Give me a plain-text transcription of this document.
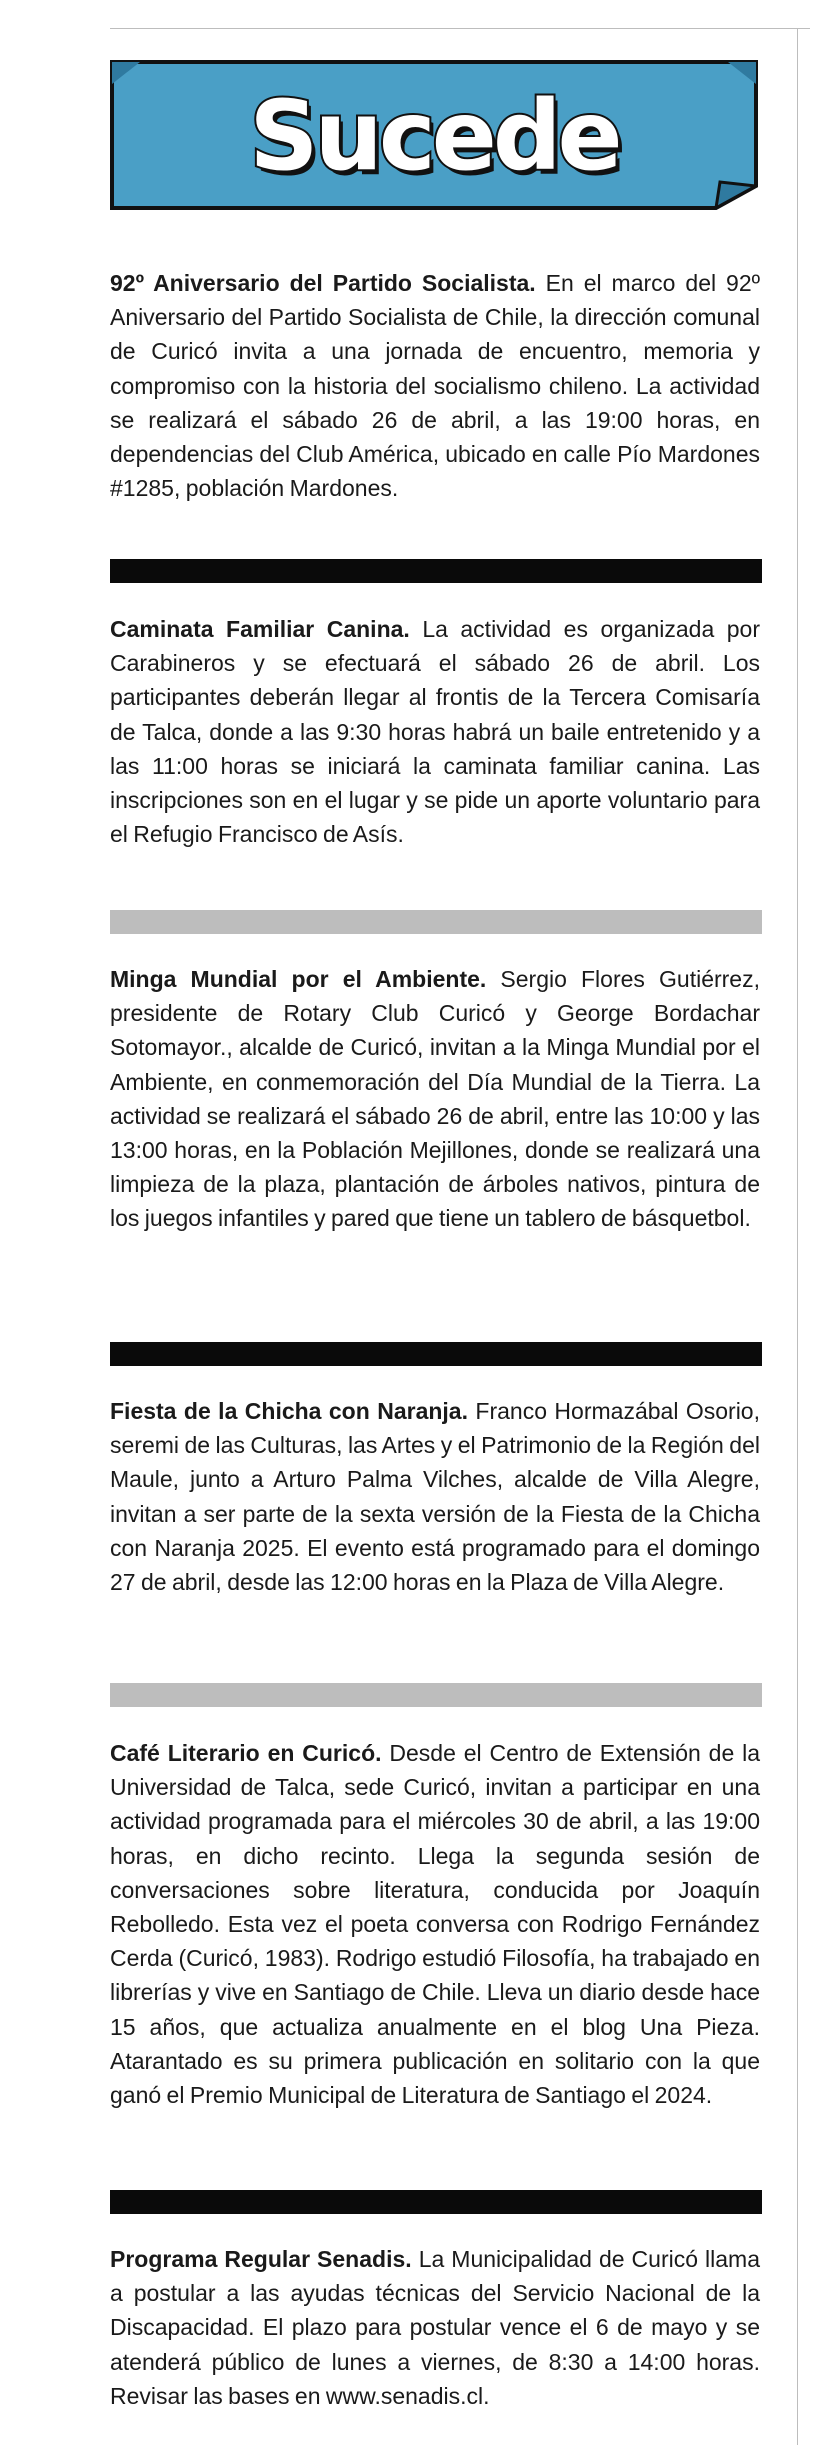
Sucede
92º Aniversario del Partido Socialista. En el marco del 92º Aniversario del Partido Socialista de Chile, la dirección comunal de Curicó invita a una jornada de encuentro, memoria y compromiso con la historia del socialismo chileno. La actividad se realizará el sábado 26 de abril, a las 19:00 horas, en dependencias del Club América, ubicado en calle Pío Mardones #1285, población Mardones.
Caminata Familiar Canina. La actividad es organizada por Carabineros y se efectuará el sábado 26 de abril. Los participantes deberán llegar al frontis de la Tercera Comisaría de Talca, donde a las 9:30 horas habrá un baile entretenido y a las 11:00 horas se iniciará la caminata familiar canina. Las inscripciones son en el lugar y se pide un aporte voluntario para el Refugio Francisco de Asís.
Minga Mundial por el Ambiente. Sergio Flores Gutiérrez, presidente de Rotary Club Curicó y George Bordachar Sotomayor., alcalde de Curicó, invitan a la Minga Mundial por el Ambiente, en conmemoración del Día Mundial de la Tierra. La actividad se realizará el sábado 26 de abril, entre las 10:00 y las 13:00 horas, en la Población Mejillones, donde se realizará una limpieza de la plaza, plantación de árboles nativos, pintura de los juegos infantiles y pared que tiene un tablero de básquetbol.
Fiesta de la Chicha con Naranja. Franco Hormazábal Osorio, seremi de las Culturas, las Artes y el Patrimonio de la Región del Maule, junto a Arturo Palma Vilches, alcalde de Villa Alegre, invitan a ser parte de la sexta versión de la Fiesta de la Chicha con Naranja 2025. El evento está programado para el domingo 27 de abril, desde las 12:00 horas en la Plaza de Villa Alegre.
Café Literario en Curicó. Desde el Centro de Extensión de la Universidad de Talca, sede Curicó, invitan a participar en una actividad programada para el miércoles 30 de abril, a las 19:00 horas, en dicho recinto. Llega la segunda sesión de conversaciones sobre literatura, conducida por Joaquín Rebolledo. Esta vez el poeta conversa con Rodrigo Fernández Cerda (Curicó, 1983). Rodrigo estudió Filosofía, ha trabajado en librerías y vive en Santiago de Chile. Lleva un diario desde hace 15 años, que actualiza anualmente en el blog Una Pieza. Atarantado es su primera publicación en solitario con la que ganó el Premio Municipal de Literatura de Santiago el 2024.
Programa Regular Senadis. La Municipalidad de Curicó llama a postular a las ayudas técnicas del Servicio Nacional de la Discapacidad. El plazo para postular vence el 6 de mayo y se atenderá público de lunes a viernes, de 8:30 a 14:00 horas. Revisar las bases en www.senadis.cl.
